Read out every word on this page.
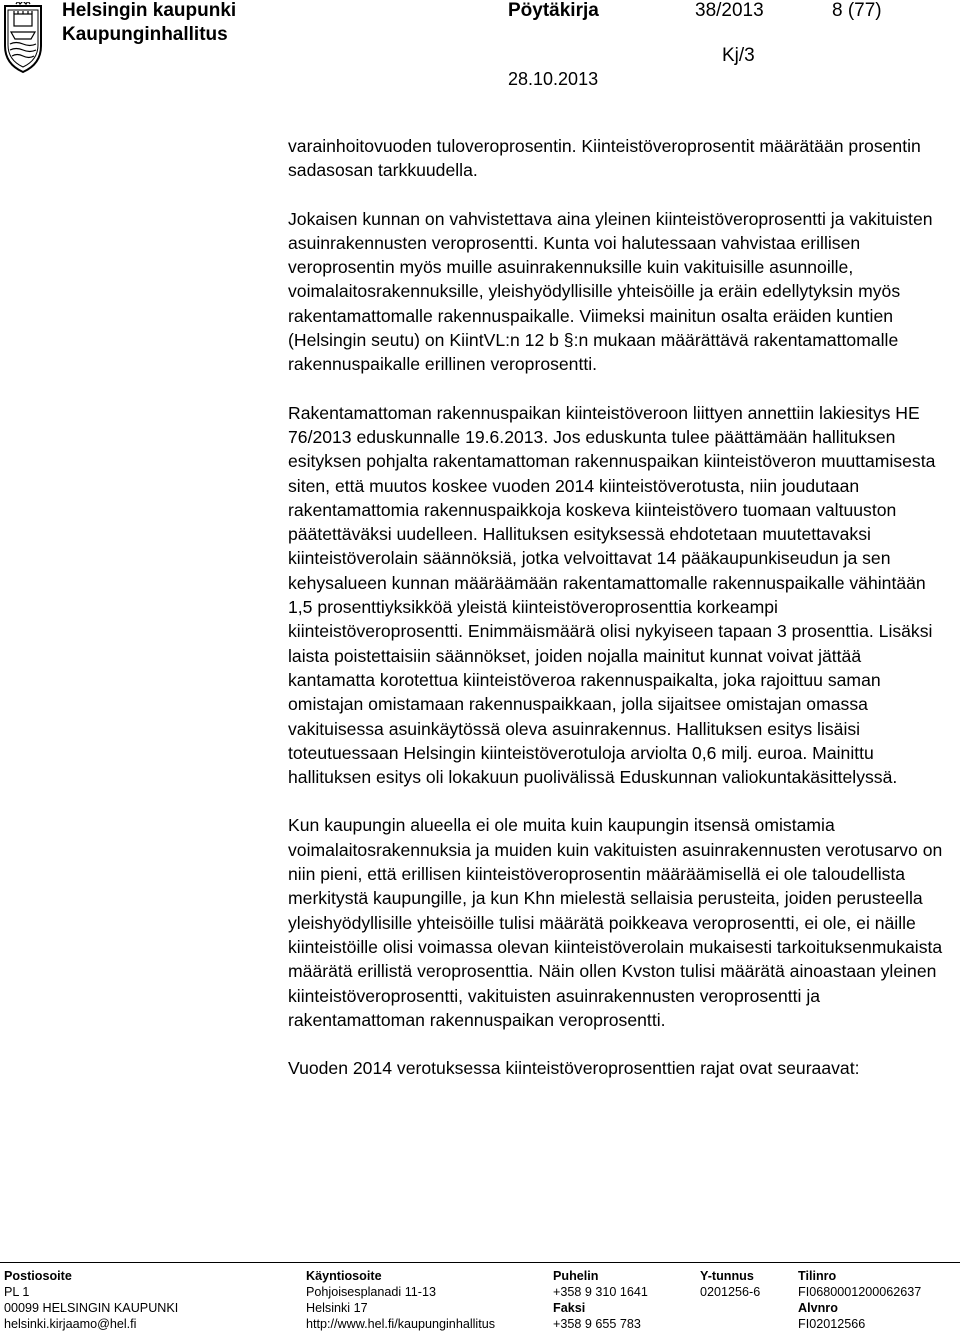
Helsingin kaupunki
Kaupunginhallitus
Pöytäkirja	38/2013	8 (77)
Kj/3
28.10.2013

varainhoitovuoden tuloveroprosentin. Kiinteistöveroprosentit määrätään prosentin sadasosan tarkkuudella.

Jokaisen kunnan on vahvistettava aina yleinen kiinteistöveroprosentti ja vakituisten asuinrakennusten veroprosentti. Kunta voi halutessaan vahvistaa erillisen veroprosentin myös muille asuinrakennuksille kuin vakituisille asunnoille, voimalaitosrakennuksille, yleishyödyllisille yhteisöille ja eräin edellytyksin myös rakentamattomalle rakennuspaikalle. Viimeksi mainitun osalta eräiden kuntien (Helsingin seutu) on KiintVL:n 12 b §:n mukaan määrättävä rakentamattomalle rakennuspaikalle erillinen veroprosentti.

Rakentamattoman rakennuspaikan kiinteistöveroon liittyen annettiin lakiesitys HE 76/2013 eduskunnalle 19.6.2013. Jos eduskunta tulee päättämään hallituksen esityksen pohjalta rakentamattoman rakennuspaikan kiinteistöveron muuttamisesta siten, että muutos koskee vuoden 2014 kiinteistöverotusta, niin joudutaan rakentamattomia rakennuspaikkoja koskeva kiinteistövero tuomaan valtuuston päätettäväksi uudelleen. Hallituksen esityksessä ehdotetaan muutettavaksi kiinteistöverolain säännöksiä, jotka velvoittavat 14 pääkaupunkiseudun ja sen kehysalueen kunnan määräämään rakentamattomalle rakennuspaikalle vähintään 1,5 prosenttiyksikköä yleistä kiinteistöveroprosenttia korkeampi kiinteistöveroprosentti. Enimmäismäärä olisi nykyiseen tapaan 3 prosenttia. Lisäksi laista poistettaisiin säännökset, joiden nojalla mainitut kunnat voivat jättää kantamatta korotettua kiinteistöveroa rakennuspaikalta, joka rajoittuu saman omistajan omistamaan rakennuspaikkaan, jolla sijaitsee omistajan omassa vakituisessa asuinkäytössä oleva asuinrakennus. Hallituksen esitys lisäisi toteutuessaan Helsingin kiinteistöverotuloja arviolta 0,6 milj. euroa. Mainittu hallituksen esitys oli lokakuun puolivälissä Eduskunnan valiokuntakäsittelyssä.

Kun kaupungin alueella ei ole muita kuin kaupungin itsensä omistamia voimalaitosrakennuksia ja muiden kuin vakituisten asuinrakennusten verotusarvo on niin pieni, että erillisen kiinteistöveroprosentin määräämisellä ei ole taloudellista merkitystä kaupungille, ja kun Khn mielestä sellaisia perusteita, joiden perusteella yleishyödyllisille yhteisöille tulisi määrätä poikkeava veroprosentti, ei ole, ei näille kiinteistöille olisi voimassa olevan kiinteistöverolain mukaisesti tarkoituksenmukaista määrätä erillistä veroprosenttia. Näin ollen Kvston tulisi määrätä ainoastaan yleinen kiinteistöveroprosentti, vakituisten asuinrakennusten veroprosentti ja rakentamattoman rakennuspaikan veroprosentti.

Vuoden 2014 verotuksessa kiinteistöveroprosenttien rajat ovat seuraavat:

Postiosoite
PL 1
00099 HELSINGIN KAUPUNKI
helsinki.kirjaamo@hel.fi
Käyntiosoite
Pohjoisesplanadi 11-13
Helsinki 17
http://www.hel.fi/kaupunginhallitus
Puhelin
+358 9 310 1641
Faksi
+358 9 655 783
Y-tunnus
0201256-6
Tilinro
FI0680001200062637
Alvnro
FI02012566
